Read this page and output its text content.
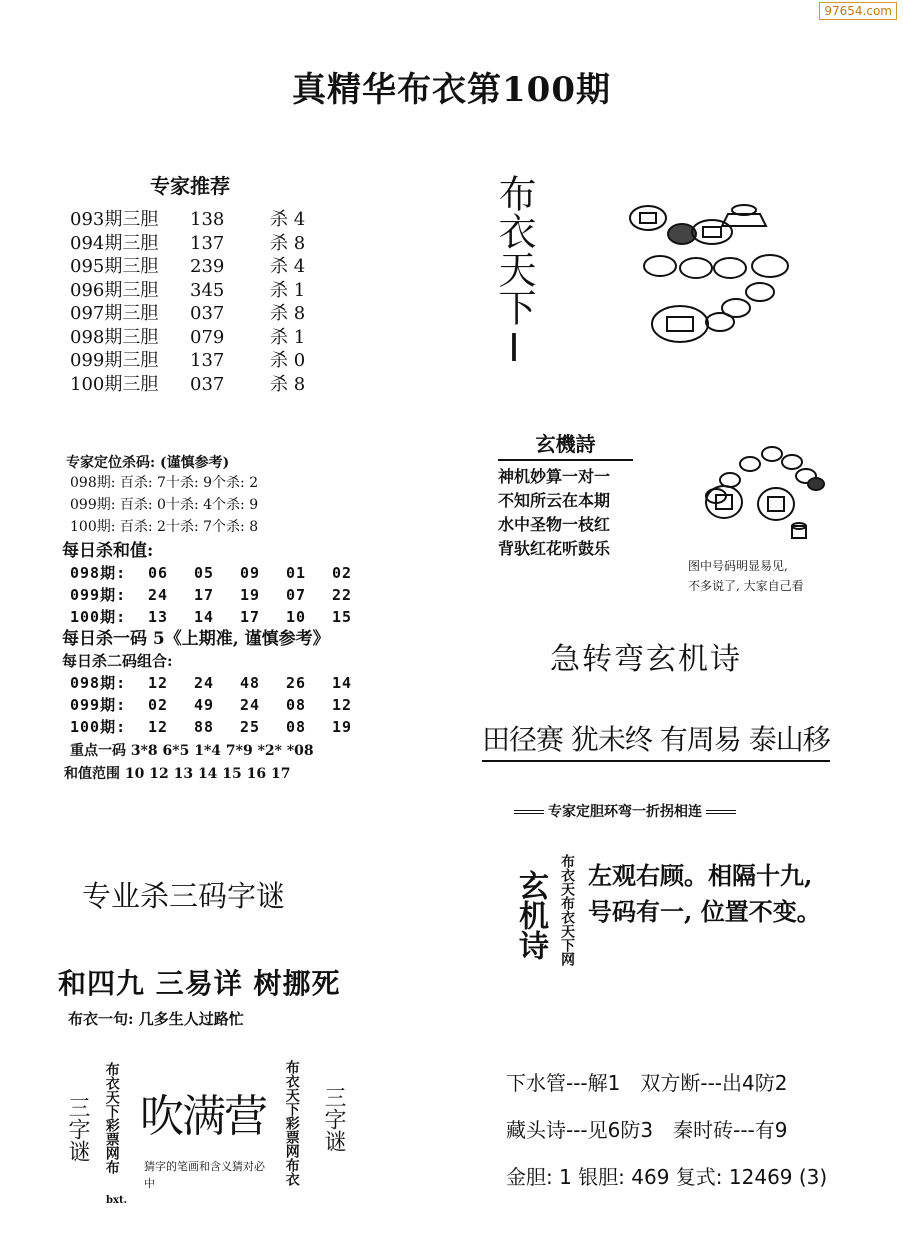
97654.com
真精华布衣第100期
专家推荐
093期三胆 138	杀 4
094期三胆 137	杀 8
095期三胆 239	杀 4
096期三胆 345	杀 1
097期三胆 037	杀 8
098期三胆 079	杀 1
099期三胆 137	杀 0
100期三胆 037	杀 8
专家定位杀码: (谨慎参考)
098期: 百杀: 7十杀: 9个杀: 2
099期: 百杀: 0十杀: 4个杀: 9
100期: 百杀: 2十杀: 7个杀: 8
每日杀和值:
098期: 06 05 09 01 02
099期: 24 17 19 07 22
100期: 13 14 17 10 15
每日杀一码 5《上期准, 谨慎参考》
每日杀二码组合:
098期: 12 24 48 26 14
099期: 02 49 24 08 12
100期: 12 88 25 08 19
重点一码 3*8 6*5 1*4 7*9 *2* *08
和值范围 10 12 13 14 15 16 17
专业杀三码字谜
和四九 三易详 树挪死
布衣一句: 几多生人过路忙
三字谜 布衣天下彩票网布
bxt.
吹满营
猜字的笔画和含义猜对必中	布衣天下彩票网布衣 三字谜
布衣天下I
玄機詩
神机妙算一对一
不知所云在本期
水中圣物一枝红
背驮红花听鼓乐
图中号码明显易见,
不多说了, 大家自己看
急转弯玄机诗
田径赛 犹未终 有周易 泰山移
专家定胆环弯一折拐相连
玄机诗 布衣天布衣天下网 左观右顾。相隔十九,
号码有一, 位置不变。
下水管---解1 双方断---出4防2
藏头诗---见6防3 秦时砖---有9
金胆: 1 银胆: 469 复式: 12469 (3)
